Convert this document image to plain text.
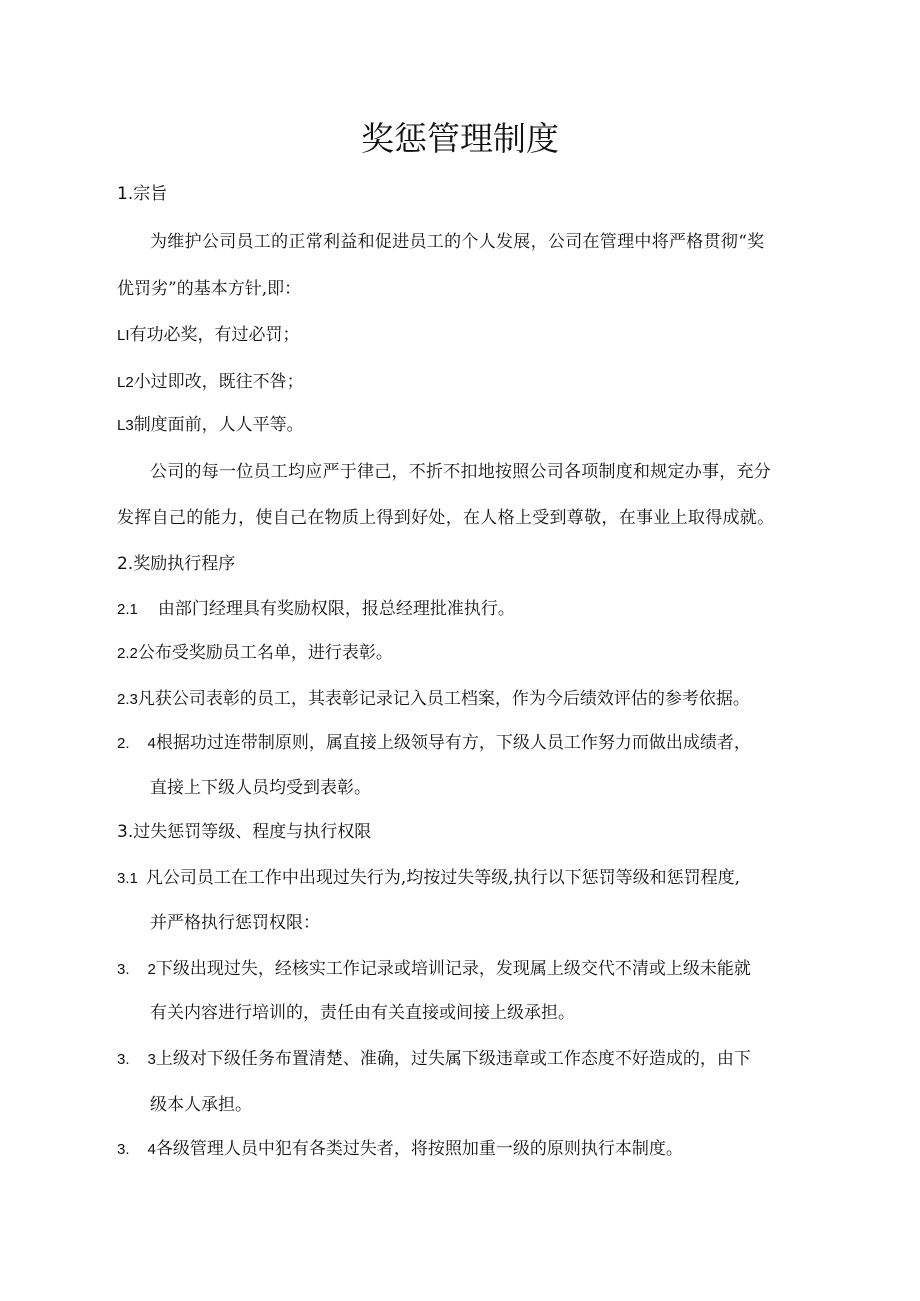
奖惩管理制度
1.宗旨
为维护公司员工的正常利益和促进员工的个人发展，公司在管理中将严格贯彻“奖
优罚劣”的基本方针,即：
LI有功必奖，有过必罚；
L2小过即改，既往不咎；
L3制度面前，人人平等。
公司的每一位员工均应严于律己，不折不扣地按照公司各项制度和规定办事，充分
发挥自己的能力，使自己在物质上得到好处，在人格上受到尊敬，在事业上取得成就。
2.奖励执行程序
2.1 由部门经理具有奖励权限，报总经理批准执行。
2.2公布受奖励员工名单，进行表彰。
2.3凡获公司表彰的员工，其表彰记录记入员工档案，作为今后绩效评估的参考依据。
2. 4根据功过连带制原则，属直接上级领导有方，下级人员工作努力而做出成绩者，
直接上下级人员均受到表彰。
3.过失惩罚等级、程度与执行权限
3.1 凡公司员工在工作中出现过失行为,均按过失等级,执行以下惩罚等级和惩罚程度,
并严格执行惩罚权限：
3. 2下级出现过失，经核实工作记录或培训记录，发现属上级交代不清或上级未能就
有关内容进行培训的，责任由有关直接或间接上级承担。
3. 3上级对下级任务布置清楚、准确，过失属下级违章或工作态度不好造成的，由下
级本人承担。
3. 4各级管理人员中犯有各类过失者，将按照加重一级的原则执行本制度。
